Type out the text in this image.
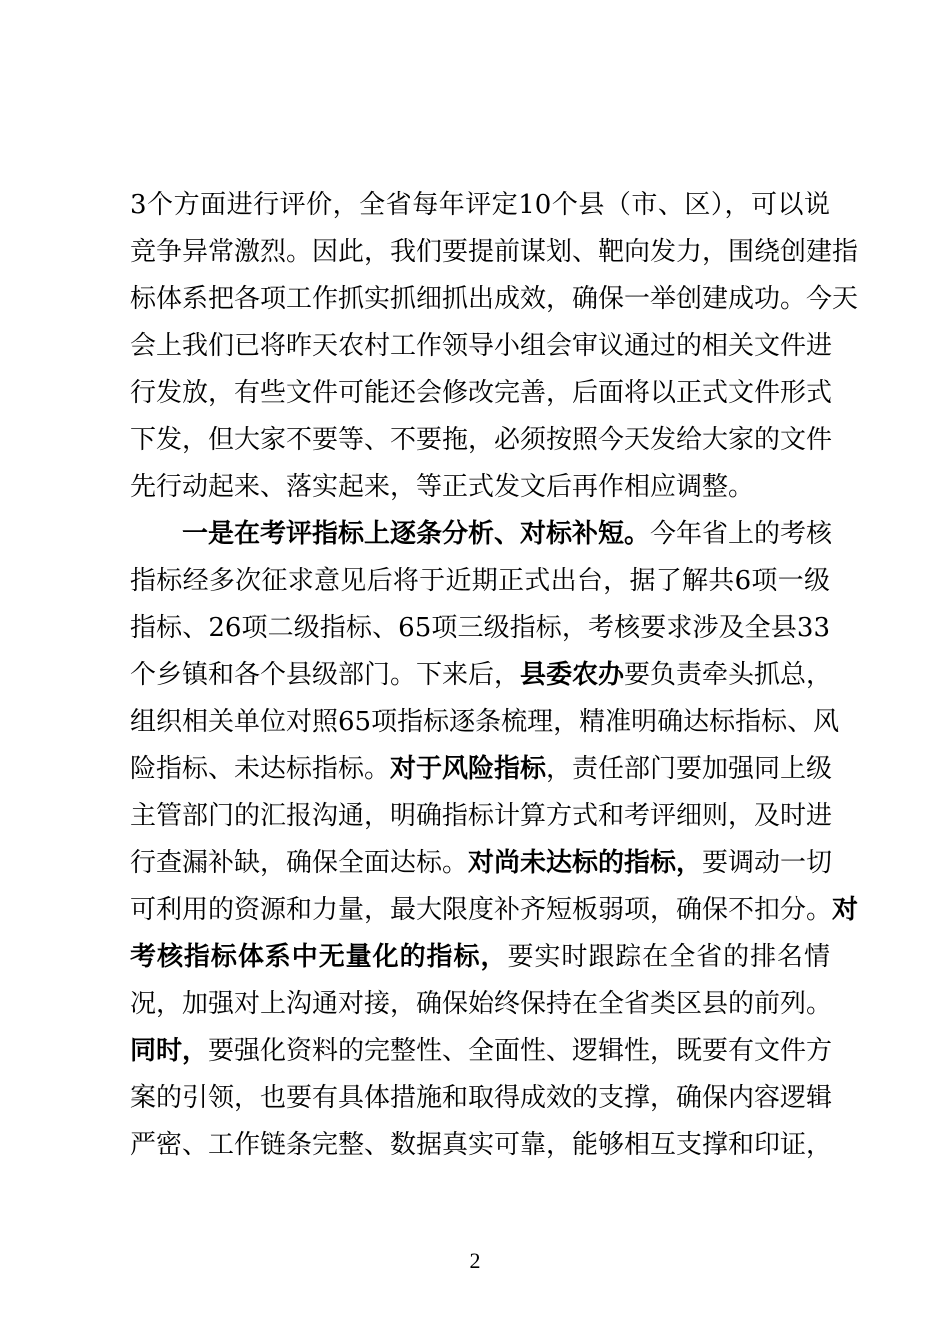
3个方面进行评价，全省每年评定10个县（市、区），可以说
竞争异常激烈。因此，我们要提前谋划、靶向发力，围绕创建指
标体系把各项工作抓实抓细抓出成效，确保一举创建成功。今天
会上我们已将昨天农村工作领导小组会审议通过的相关文件进
行发放，有些文件可能还会修改完善，后面将以正式文件形式
下发，但大家不要等、不要拖，必须按照今天发给大家的文件
先行动起来、落实起来，等正式发文后再作相应调整。
一是在考评指标上逐条分析、对标补短。今年省上的考核
指标经多次征求意见后将于近期正式出台，据了解共6项一级
指标、26项二级指标、65项三级指标，考核要求涉及全县33
个乡镇和各个县级部门。下来后，县委农办要负责牵头抓总，
组织相关单位对照65项指标逐条梳理，精准明确达标指标、风
险指标、未达标指标。对于风险指标，责任部门要加强同上级
主管部门的汇报沟通，明确指标计算方式和考评细则，及时进
行查漏补缺，确保全面达标。对尚未达标的指标，要调动一切
可利用的资源和力量，最大限度补齐短板弱项，确保不扣分。对
考核指标体系中无量化的指标，要实时跟踪在全省的排名情
况，加强对上沟通对接，确保始终保持在全省类区县的前列。
同时，要强化资料的完整性、全面性、逻辑性，既要有文件方
案的引领，也要有具体措施和取得成效的支撑，确保内容逻辑
严密、工作链条完整、数据真实可靠，能够相互支撑和印证，
2
